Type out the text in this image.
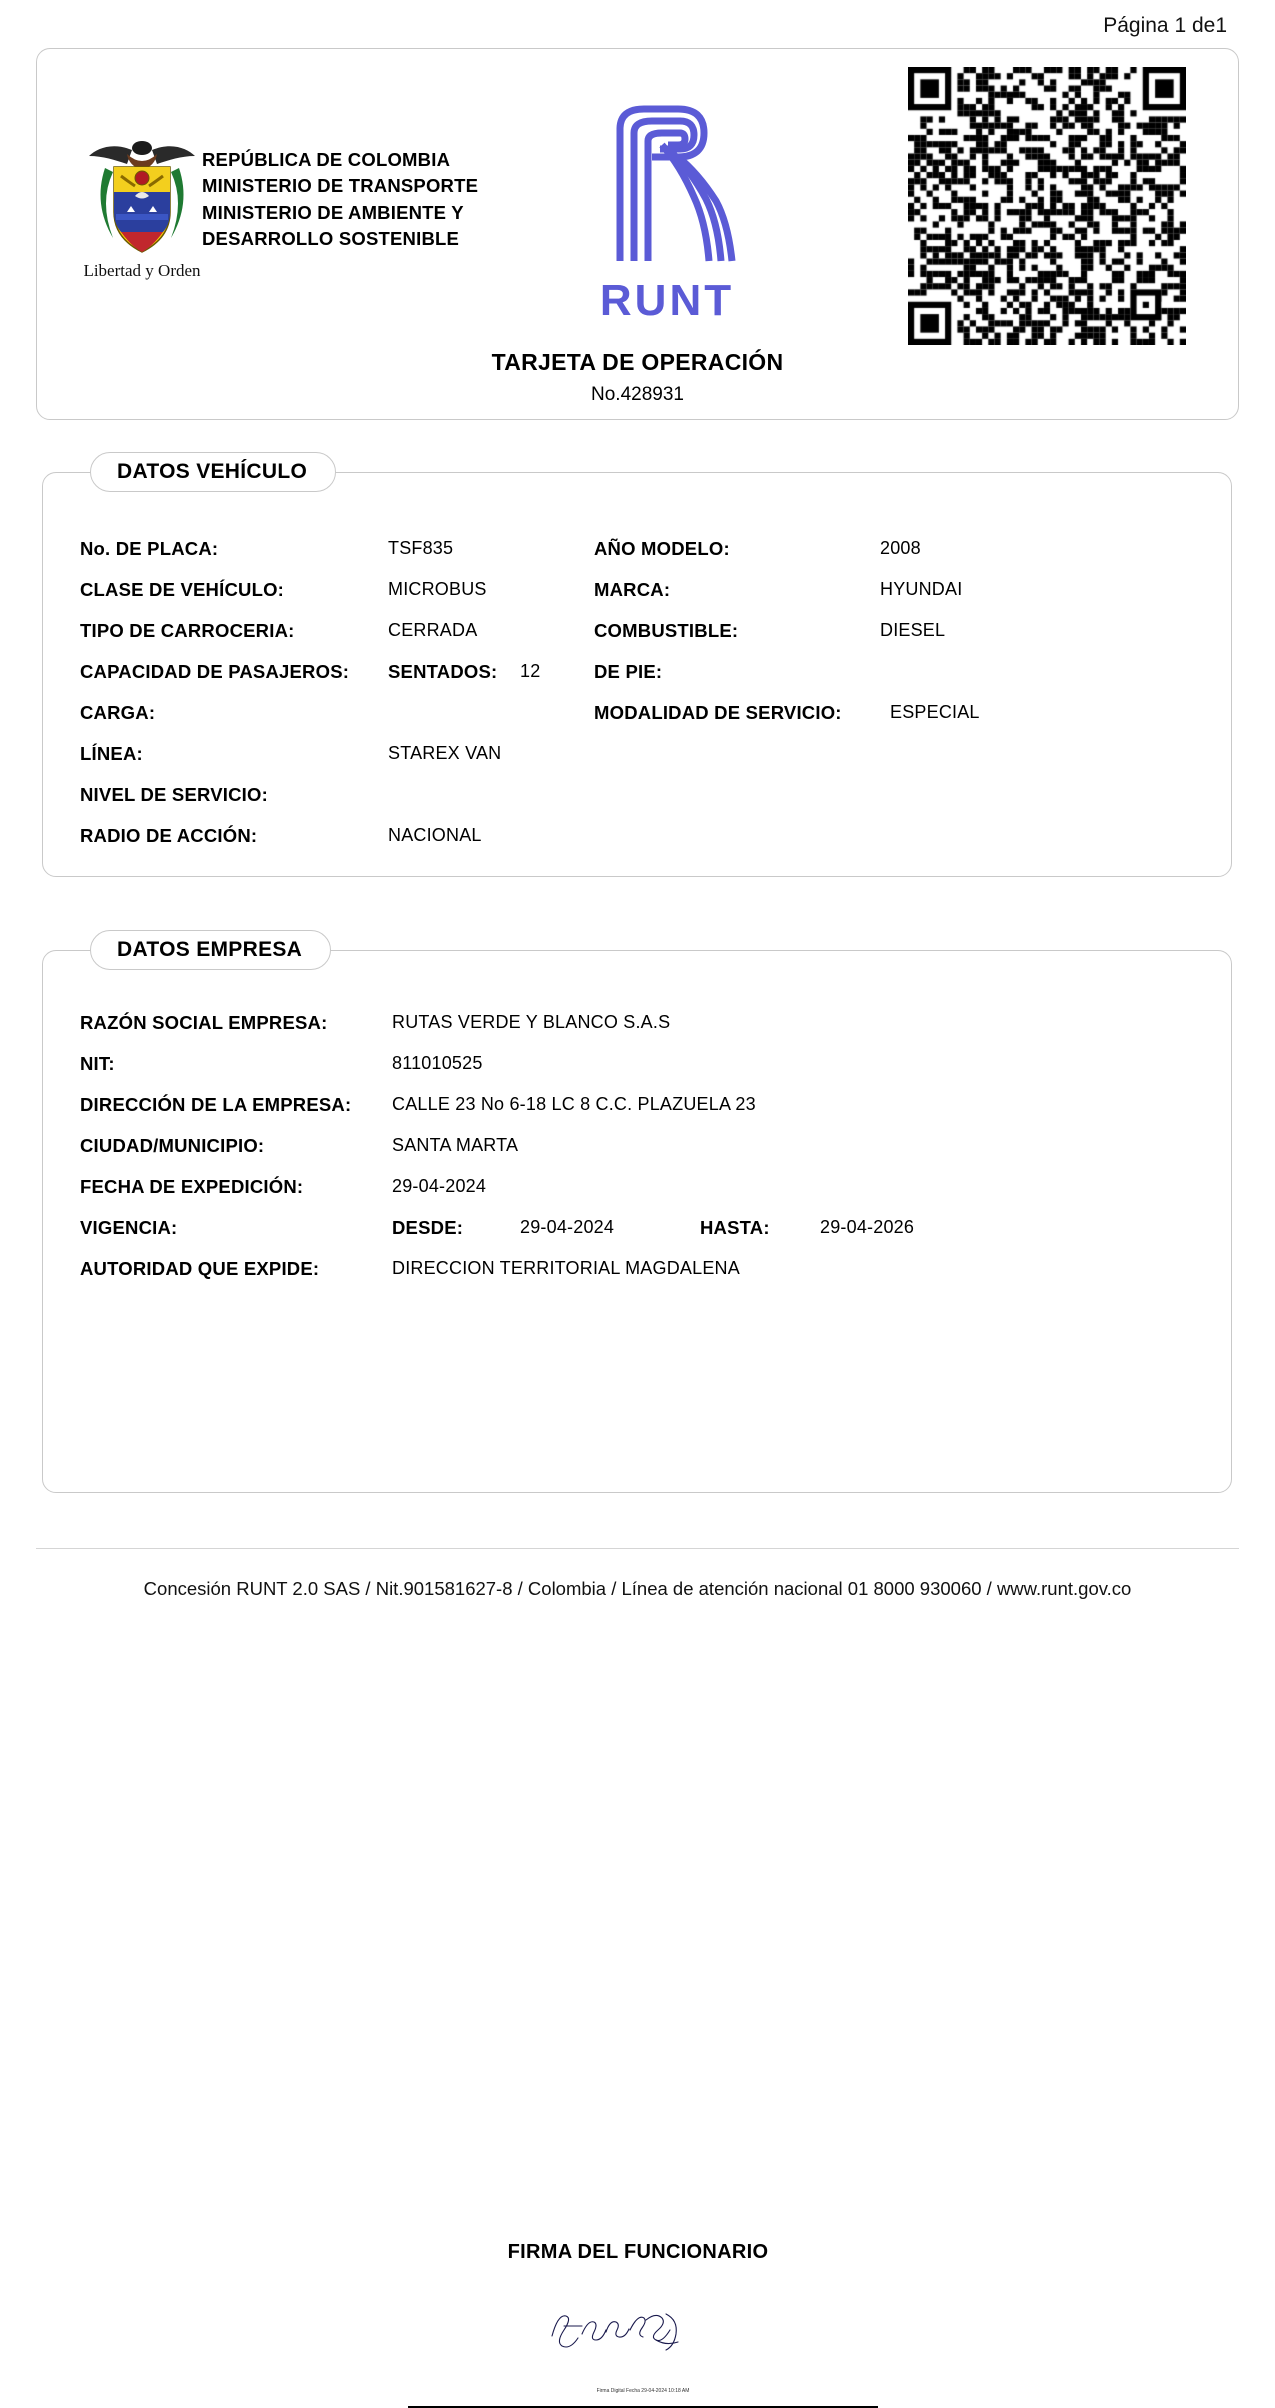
Página 1 de1
Libertad y Orden
REPÚBLICA DE COLOMBIA
MINISTERIO DE TRANSPORTE
MINISTERIO DE AMBIENTE Y
DESARROLLO SOSTENIBLE
RUNT
TARJETA DE OPERACIÓN
No.428931
DATOS VEHÍCULO
No. DE PLACA:	TSF835	AÑO MODELO:	2008
CLASE DE VEHÍCULO:	MICROBUS	MARCA:	HYUNDAI
TIPO DE CARROCERIA:	CERRADA	COMBUSTIBLE:	DIESEL
CAPACIDAD DE PASAJEROS: SENTADOS: 12	DE PIE:
CARGA:	MODALIDAD DE SERVICIO:	ESPECIAL
LÍNEA:	STAREX VAN
NIVEL DE SERVICIO:
RADIO DE ACCIÓN:	NACIONAL
FIRMA DEL FUNCIONARIO
Firma Digital Fecha 29-04-2024 10:18 AM
DATOS EMPRESA
RAZÓN SOCIAL EMPRESA:	RUTAS VERDE Y BLANCO S.A.S
NIT:	811010525
DIRECCIÓN DE LA EMPRESA: CALLE 23 No 6-18 LC 8 C.C. PLAZUELA 23
CIUDAD/MUNICIPIO:	SANTA MARTA
FECHA DE EXPEDICIÓN:	29-04-2024
VIGENCIA:	DESDE:	29-04-2024	HASTA:	29-04-2026
AUTORIDAD QUE EXPIDE:	DIRECCION TERRITORIAL MAGDALENA
Concesión RUNT 2.0 SAS / Nit.901581627-8 / Colombia / Línea de atención nacional 01 8000 930060 / www.runt.gov.co
